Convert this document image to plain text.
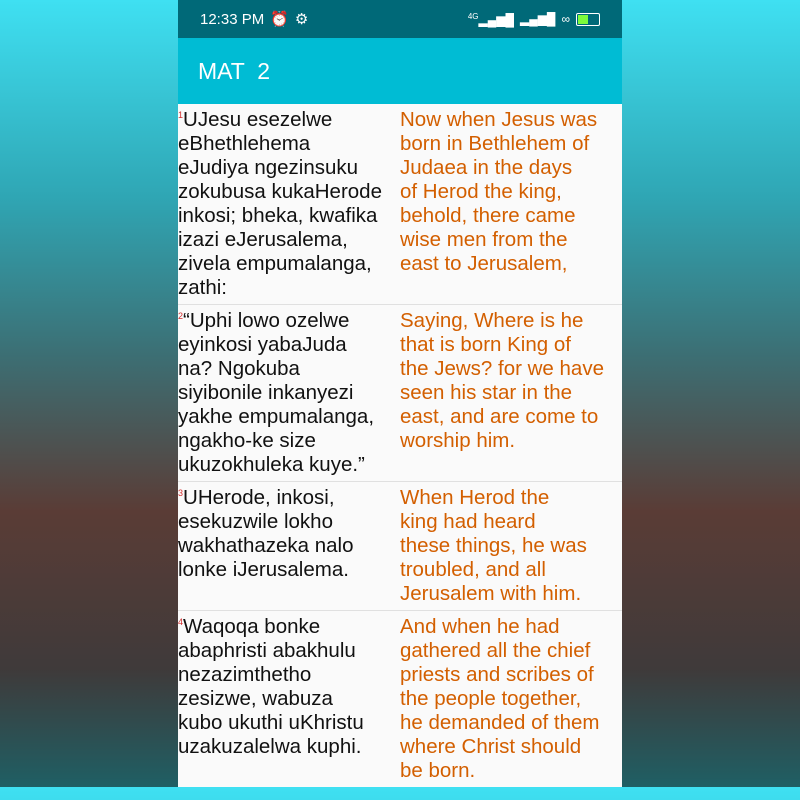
12:33 PM ⏰ ⚙	$^{4G}$▂▄▆█ ▂▄▆█ ∞
MAT  2
$^1$UJesu esezelwe
eBhethlehema
eJudiya ngezinsuku
zokubusa kukaHerode
inkosi; bheka, kwafika
izazi eJerusalema,
zivela empumalanga,
zathi:
Now when Jesus was
born in Bethlehem of
Judaea in the days
of Herod the king,
behold, there came
wise men from the
east to Jerusalem,
$^2$“Uphi lowo ozelwe
eyinkosi yabaJuda
na? Ngokuba
siyibonile inkanyezi
yakhe empumalanga,
ngakho-ke size
ukuzokhuleka kuye.”
Saying, Where is he
that is born King of
the Jews? for we have
seen his star in the
east, and are come to
worship him.
$^3$UHerode, inkosi,
esekuzwile lokho
wakhathazeka nalo
lonke iJerusalema.
When Herod the
king had heard
these things, he was
troubled, and all
Jerusalem with him.
$^4$Waqoqa bonke
abaphristi abakhulu
nezazimthetho
zesizwe, wabuza
kubo ukuthi uKhristu
uzakuzalelwa kuphi.
And when he had
gathered all the chief
priests and scribes of
the people together,
he demanded of them
where Christ should
be born.
